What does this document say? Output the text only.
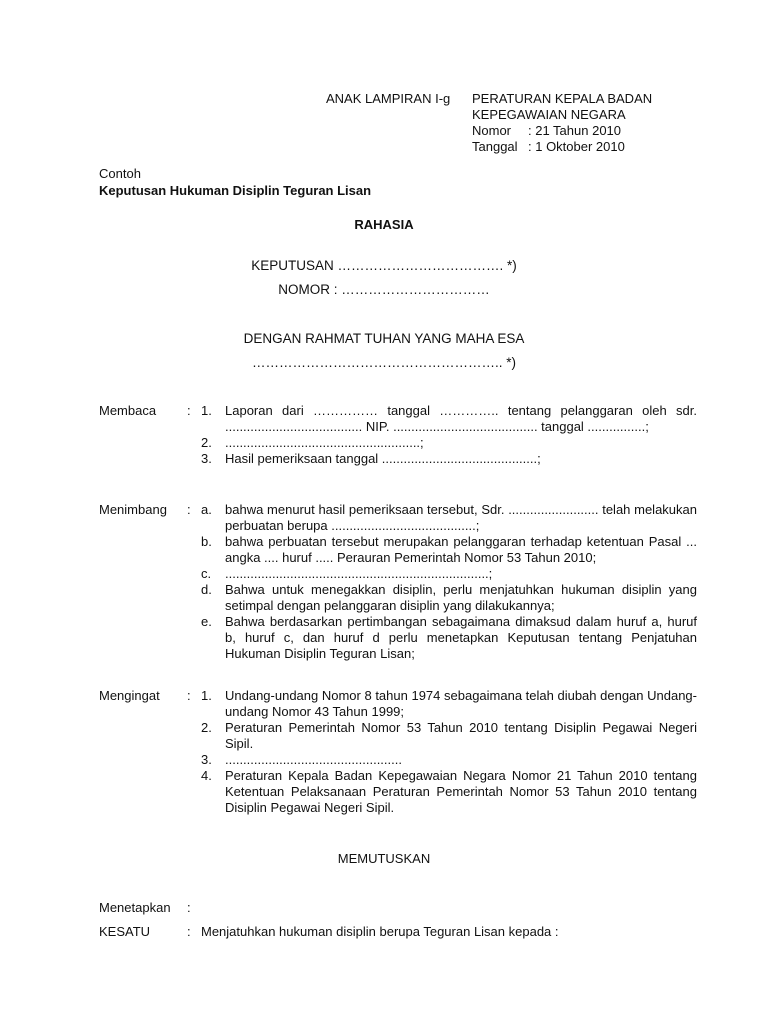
ANAK LAMPIRAN I-g PERATURAN KEPALA BADAN
KEPEGAWAIAN NEGARA
Nomor : 21 Tahun 2010
Tanggal : 1 Oktober 2010
Contoh
Keputusan Hukuman Disiplin Teguran Lisan
RAHASIA
KEPUTUSAN ………………………………. *)
NOMOR : ……………………………
DENGAN RAHMAT TUHAN YANG MAHA ESA
……………………………………………….. *)
Membaca	: 1. Laporan dari …………… tanggal ………….. tentang pelanggaran oleh sdr. ...................................... NIP. ........................................ tanggal ................;
2. ......................................................;
3. Hasil pemeriksaan tanggal ...........................................;
Menimbang	: a. bahwa menurut hasil pemeriksaan tersebut, Sdr. ......................... telah melakukan perbuatan berupa ........................................;
b. bahwa perbuatan tersebut merupakan pelanggaran terhadap ketentuan Pasal ... angka .... huruf ..... Perauran Pemerintah Nomor 53 Tahun 2010;
c. .........................................................................;
d. Bahwa untuk menegakkan disiplin, perlu menjatuhkan hukuman disiplin yang setimpal dengan pelanggaran disiplin yang dilakukannya;
e. Bahwa berdasarkan pertimbangan sebagaimana dimaksud dalam huruf a, huruf b, huruf c, dan huruf d perlu menetapkan Keputusan tentang Penjatuhan Hukuman Disiplin Teguran Lisan;
Mengingat	: 1. Undang-undang Nomor 8 tahun 1974 sebagaimana telah diubah dengan Undang-undang Nomor 43 Tahun 1999;
2. Peraturan Pemerintah Nomor 53 Tahun 2010 tentang Disiplin Pegawai Negeri Sipil.
3. .................................................
4. Peraturan Kepala Badan Kepegawaian Negara Nomor 21 Tahun 2010 tentang Ketentuan Pelaksanaan Peraturan Pemerintah Nomor 53 Tahun 2010 tentang Disiplin Pegawai Negeri Sipil.
MEMUTUSKAN
Menetapkan	:
KESATU	: Menjatuhkan hukuman disiplin berupa Teguran Lisan kepada :
